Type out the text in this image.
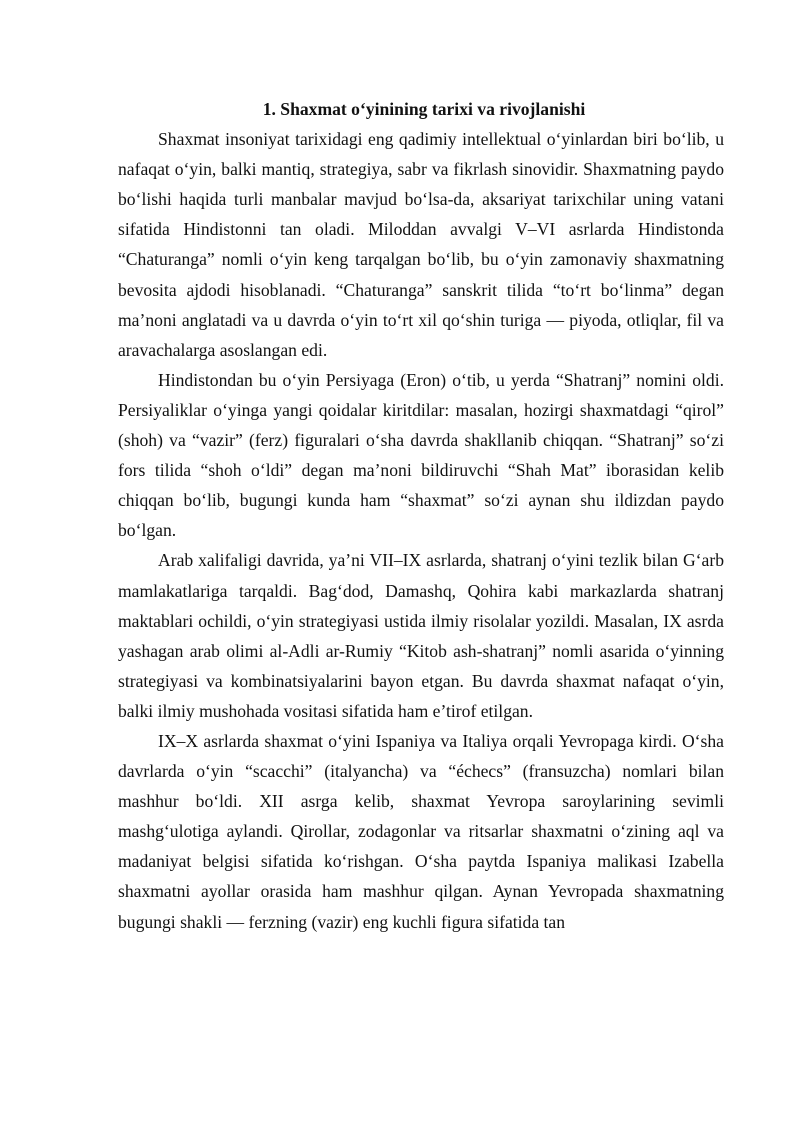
1. Shaxmat o‘yinining tarixi va rivojlanishi

Shaxmat insoniyat tarixidagi eng qadimiy intellektual o‘yinlardan biri bo‘lib, u nafaqat o‘yin, balki mantiq, strategiya, sabr va fikrlash sinovidir. Shaxmatning paydo bo‘lishi haqida turli manbalar mavjud bo‘lsa-da, aksariyat tarixchilar uning vatani sifatida Hindistonni tan oladi. Miloddan avvalgi V–VI asrlarda Hindistonda “Chaturanga” nomli o‘yin keng tarqalgan bo‘lib, bu o‘yin zamonaviy shaxmatning bevosita ajdodi hisoblanadi. “Chaturanga” sanskrit tilida “to‘rt bo‘linma” degan ma’noni anglatadi va u davrda o‘yin to‘rt xil qo‘shin turiga — piyoda, otliqlar, fil va aravachalarga asoslangan edi.

Hindistondan bu o‘yin Persiyaga (Eron) o‘tib, u yerda “Shatranj” nomini oldi. Persiyaliklar o‘yinga yangi qoidalar kiritdilar: masalan, hozirgi shaxmatdagi “qirol” (shoh) va “vazir” (ferz) figuralari o‘sha davrda shakllanib chiqqan. “Shatranj” so‘zi fors tilida “shoh o‘ldi” degan ma’noni bildiruvchi “Shah Mat” iborasidan kelib chiqqan bo‘lib, bugungi kunda ham “shaxmat” so‘zi aynan shu ildizdan paydo bo‘lgan.

Arab xalifaligi davrida, ya’ni VII–IX asrlarda, shatranj o‘yini tezlik bilan G‘arb mamlakatlariga tarqaldi. Bag‘dod, Damashq, Qohira kabi markazlarda shatranj maktablari ochildi, o‘yin strategiyasi ustida ilmiy risolalar yozildi. Masalan, IX asrda yashagan arab olimi al-Adli ar-Rumiy “Kitob ash-shatranj” nomli asarida o‘yinning strategiyasi va kombinatsiyalarini bayon etgan. Bu davrda shaxmat nafaqat o‘yin, balki ilmiy mushohada vositasi sifatida ham e’tirof etilgan.

IX–X asrlarda shaxmat o‘yini Ispaniya va Italiya orqali Yevropaga kirdi. O‘sha davrlarda o‘yin “scacchi” (italyancha) va “échecs” (fransuzcha) nomlari bilan mashhur bo‘ldi. XII asrga kelib, shaxmat Yevropa saroylarining sevimli mashg‘ulotiga aylandi. Qirollar, zodagonlar va ritsarlar shaxmatni o‘zining aql va madaniyat belgisi sifatida ko‘rishgan. O‘sha paytda Ispaniya malikasi Izabella shaxmatni ayollar orasida ham mashhur qilgan. Aynan Yevropada shaxmatning bugungi shakli — ferzning (vazir) eng kuchli figura sifatida tan
